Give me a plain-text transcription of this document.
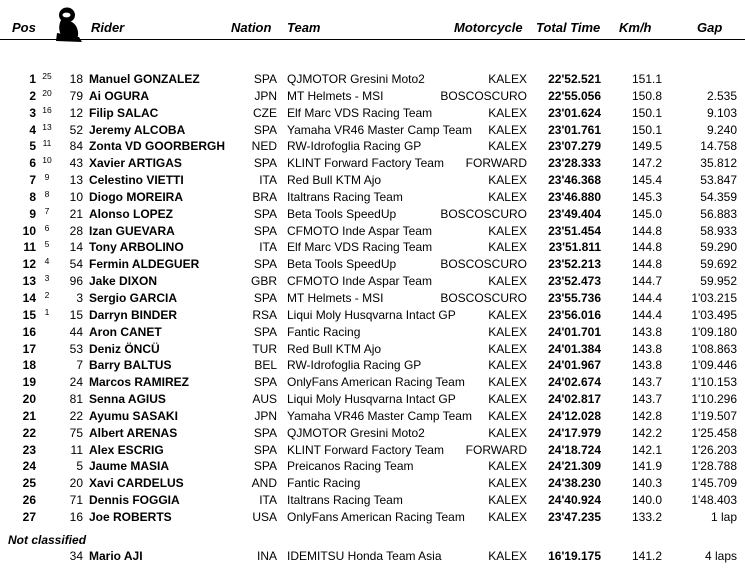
Pos	Rider	Nation Team	Motorcycle Total Time Km/h	Gap
1 25	18 Manuel GONZALEZ	SPA QJMOTOR Gresini Moto2	KALEX	22'52.521	151.1
2 20	79 Ai OGURA	JPN MT Helmets - MSI	BOSCOSCURO	22'55.056	150.8	2.535
3 16	12 Filip SALAC	CZE Elf Marc VDS Racing Team	KALEX	23'01.624	150.1	9.103
4 13	52 Jeremy ALCOBA	SPA Yamaha VR46 Master Camp Team	KALEX	23'01.761	150.1	9.240
5 11	84 Zonta VD GOORBERGH	NED RW-Idrofoglia Racing GP	KALEX	23'07.279	149.5	14.758
6 10	43 Xavier ARTIGAS	SPA KLINT Forward Factory Team	FORWARD	23'28.333	147.2	35.812
7	9	13 Celestino VIETTI	ITA Red Bull KTM Ajo	KALEX	23'46.368	145.4	53.847
8	8	10 Diogo MOREIRA	BRA Italtrans Racing Team	KALEX	23'46.880	145.3	54.359
9	7	21 Alonso LOPEZ	SPA Beta Tools SpeedUp	BOSCOSCURO	23'49.404	145.0	56.883
10	6	28 Izan GUEVARA	SPA CFMOTO Inde Aspar Team	KALEX	23'51.454	144.8	58.933
11	5	14 Tony ARBOLINO	ITA Elf Marc VDS Racing Team	KALEX	23'51.811	144.8	59.290
12	4	54 Fermin ALDEGUER	SPA Beta Tools SpeedUp	BOSCOSCURO	23'52.213	144.8	59.692
13	3	96 Jake DIXON	GBR CFMOTO Inde Aspar Team	KALEX	23'52.473	144.7	59.952
14	2	3 Sergio GARCIA	SPA MT Helmets - MSI	BOSCOSCURO	23'55.736	144.4	1'03.215
15	1	15 Darryn BINDER	RSA Liqui Moly Husqvarna Intact GP	KALEX	23'56.016	144.4	1'03.495
16	44 Aron CANET	SPA Fantic Racing	KALEX	24'01.701	143.8	1'09.180
17	53 Deniz ÖNCÜ	TUR Red Bull KTM Ajo	KALEX	24'01.384	143.8	1'08.863
18	7 Barry BALTUS	BEL RW-Idrofoglia Racing GP	KALEX	24'01.967	143.8	1'09.446
19	24 Marcos RAMIREZ	SPA OnlyFans American Racing Team	KALEX	24'02.674	143.7	1'10.153
20	81 Senna AGIUS	AUS Liqui Moly Husqvarna Intact GP	KALEX	24'02.817	143.7	1'10.296
21	22 Ayumu SASAKI	JPN Yamaha VR46 Master Camp Team	KALEX	24'12.028	142.8	1'19.507
22	75 Albert ARENAS	SPA QJMOTOR Gresini Moto2	KALEX	24'17.979	142.2	1'25.458
23	11 Alex ESCRIG	SPA KLINT Forward Factory Team	FORWARD	24'18.724	142.1	1'26.203
24	5 Jaume MASIA	SPA Preicanos Racing Team	KALEX	24'21.309	141.9	1'28.788
25	20 Xavi CARDELUS	AND Fantic Racing	KALEX	24'38.230	140.3	1'45.709
26	71 Dennis FOGGIA	ITA Italtrans Racing Team	KALEX	24'40.924	140.0	1'48.403
27	16 Joe ROBERTS	USA OnlyFans American Racing Team	KALEX	23'47.235	133.2	1 lap
Not classified
34 Mario AJI	INA IDEMITSU Honda Team Asia	KALEX	16'19.175	141.2	4 laps
